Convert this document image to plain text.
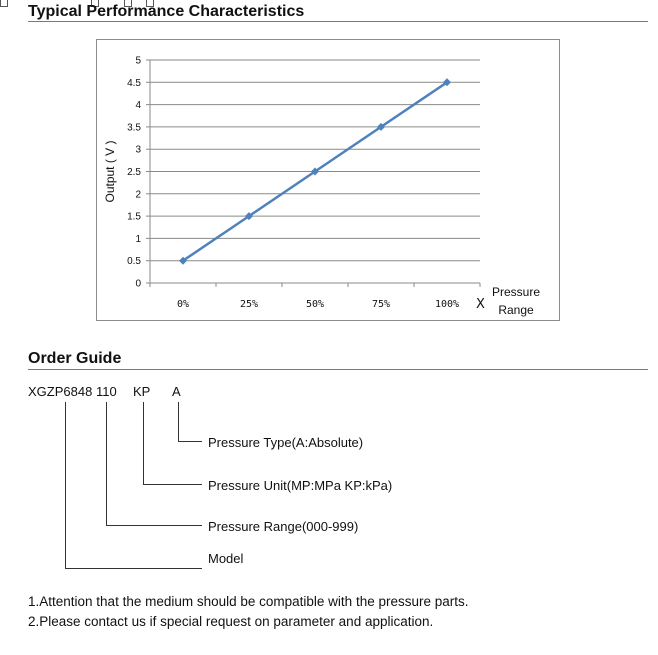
Typical Performance Characteristics
0
0.5
1
1.5
2
2.5
3
3.5
4
4.5
5
0%	25%	50%	75%	100% X
Pressure
Range
Output ( V )
Order Guide
XGZP6848 110 KP A
Pressure Type(A:Absolute)
Pressure Unit(MP:MPa KP:kPa)
Pressure Range(000-999)
Model
1.Attention that the medium should be compatible with the pressure parts.
2.Please contact us if special request on parameter and application.
